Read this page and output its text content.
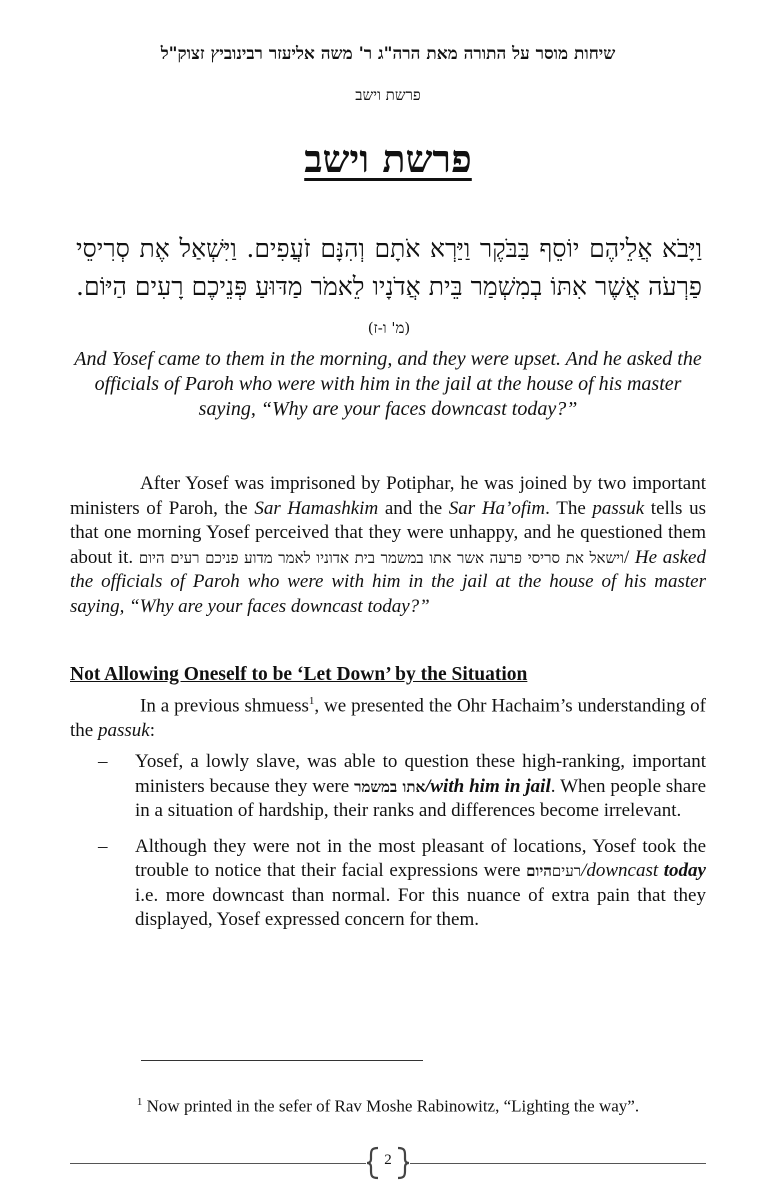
שיחות מוסר על התורה מאת הרה"ג ר' משה אליעזר רבינוביץ זצוק"ל
פרשת וישב
פרשת וישב
וַיָּבֹא אֲלֵיהֶם יוֹסֵף בַּבֹּקֶר וַיַּרְא אֹתָם וְהִנָּם זֹעֲפִים. וַיִּשְׁאַל אֶת סְרִיסֵי פַרְעֹה אֲשֶׁר אִתּוֹ בְמִשְׁמַר בֵּית אֲדֹנָיו לֵאמֹר מַדּוּעַ פְּנֵיכֶם רָעִים הַיּוֹם. (מ' ו-ז)
And Yosef came to them in the morning, and they were upset. And he asked the officials of Paroh who were with him in the jail at the house of his master saying, “Why are your faces downcast today?”
After Yosef was imprisoned by Potiphar, he was joined by two important ministers of Paroh, the Sar Hamashkim and the Sar Ha’ofim. The passuk tells us that one morning Yosef perceived that they were unhappy, and he questioned them about it. וישאל את סריסי פרעה אשר אתו במשמר בית אדוניו לאמר מדוע פניכם רעים היום/ He asked the officials of Paroh who were with him in the jail at the house of his master saying, “Why are your faces downcast today?”
Not Allowing Oneself to be ‘Let Down’ by the Situation
In a previous shmuess$^1$, we presented the Ohr Hachaim’s understanding of the passuk:
– Yosef, a lowly slave, was able to question these high-ranking, important ministers because they were אתו במשמר/with him in jail. When people share in a situation of hardship, their ranks and differences become irrelevant.
– Although they were not in the most pleasant of locations, Yosef took the trouble to notice that their facial expressions were היוםרעים/downcast today i.e. more downcast than normal. For this nuance of extra pain that they displayed, Yosef expressed concern for them.
$^1$ Now printed in the sefer of Rav Moshe Rabinowitz, “Lighting the way”.
2
